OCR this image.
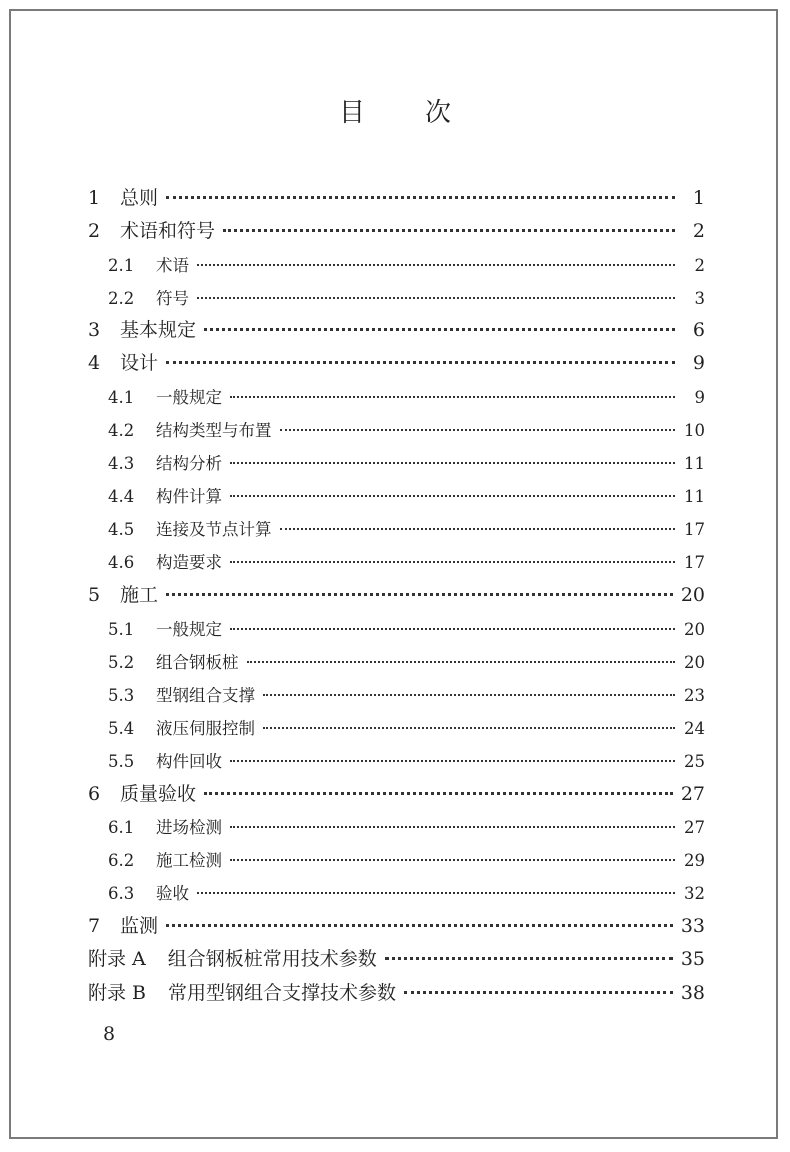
目 次
1	总则	1
2	术语和符号	2
2.1	术语	2
2.2	符号	3
3	基本规定	6
4	设计	9
4.1	一般规定	9
4.2	结构类型与布置	10
4.3	结构分析	11
4.4	构件计算	11
4.5	连接及节点计算	17
4.6	构造要求	17
5	施工	20
5.1	一般规定	20
5.2	组合钢板桩	20
5.3	型钢组合支撑	23
5.4	液压伺服控制	24
5.5	构件回收	25
6	质量验收	27
6.1	进场检测	27
6.2	施工检测	29
6.3	验收	32
7	监测	33
附录 A 组合钢板桩常用技术参数	35
附录 B 常用型钢组合支撑技术参数	38
8
